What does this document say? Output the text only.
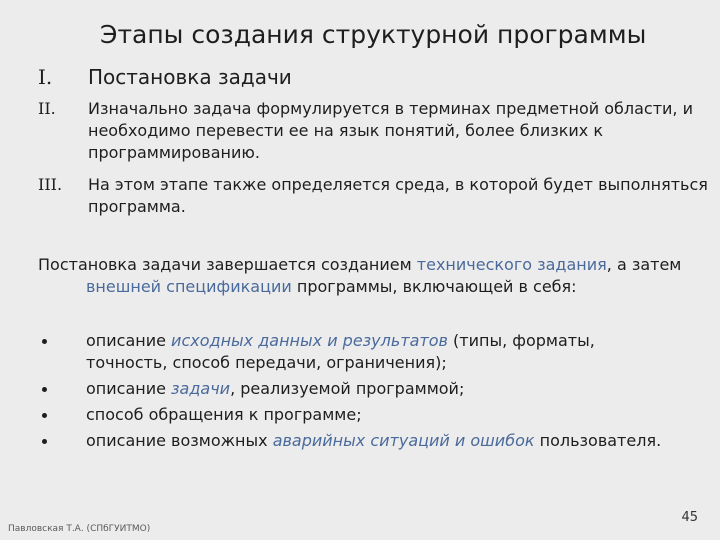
Этапы создания структурной программы
I. Постановка задачи
II. Изначально задача формулируется в терминах предметной области, и необходимо перевести ее на язык понятий, более близких к программированию.
III. На этом этапе также определяется среда, в которой будет выполняться программа.
Постановка задачи завершается созданием технического задания, а затем внешней спецификации программы, включающей в себя:
описание исходных данных и результатов (типы, форматы, точность, способ передачи, ограничения);
описание задачи, реализуемой программой;
способ обращения к программе;
описание возможных аварийных ситуаций и ошибок пользователя.
Павловская Т.А. (СПбГУИТМО)
45
